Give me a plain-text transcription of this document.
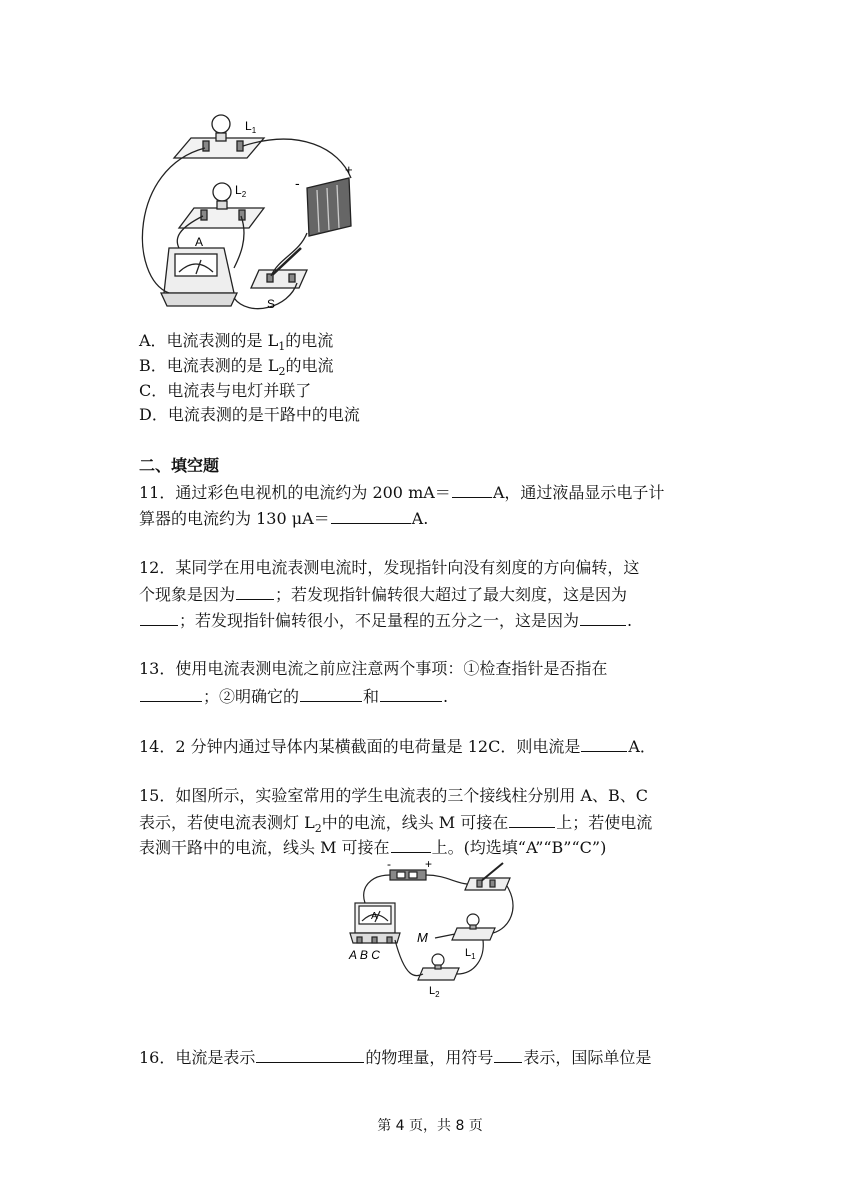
$L_1$
$L_2$
-
+
A
S
A．电流表测的是 $L_1$的电流
B．电流表测的是 $L_2$的电流
C．电流表与电灯并联了
D．电流表测的是干路中的电流
二、填空题
11．通过彩色电视机的电流约为 200 mA＝	A，通过液晶显示电子计
算器的电流约为 130 μA＝	A.
12．某同学在用电流表测电流时，发现指针向没有刻度的方向偏转，这
个现象是因为	；若发现指针偏转很大超过了最大刻度，这是因为
；若发现指针偏转很小，不足量程的五分之一，这是因为	.
13．使用电流表测电流之前应注意两个事项：①检查指针是否指在
；②明确它的	和	.
14．2 分钟内通过导体内某横截面的电荷量是 12C．则电流是	A．
15．如图所示，实验室常用的学生电流表的三个接线柱分别用 A、B、C
表示，若使电流表测灯 $L_2$中的电流，线头 M 可接在	上；若使电流
表测干路中的电流，线头 M 可接在	上。(均选填“A”“B”“C”)
-	+
A
M
A B C	$L_1$
$L_2$
16．电流是表示	的物理量，用符号 表示，国际单位是
第 4 页，共 8 页
